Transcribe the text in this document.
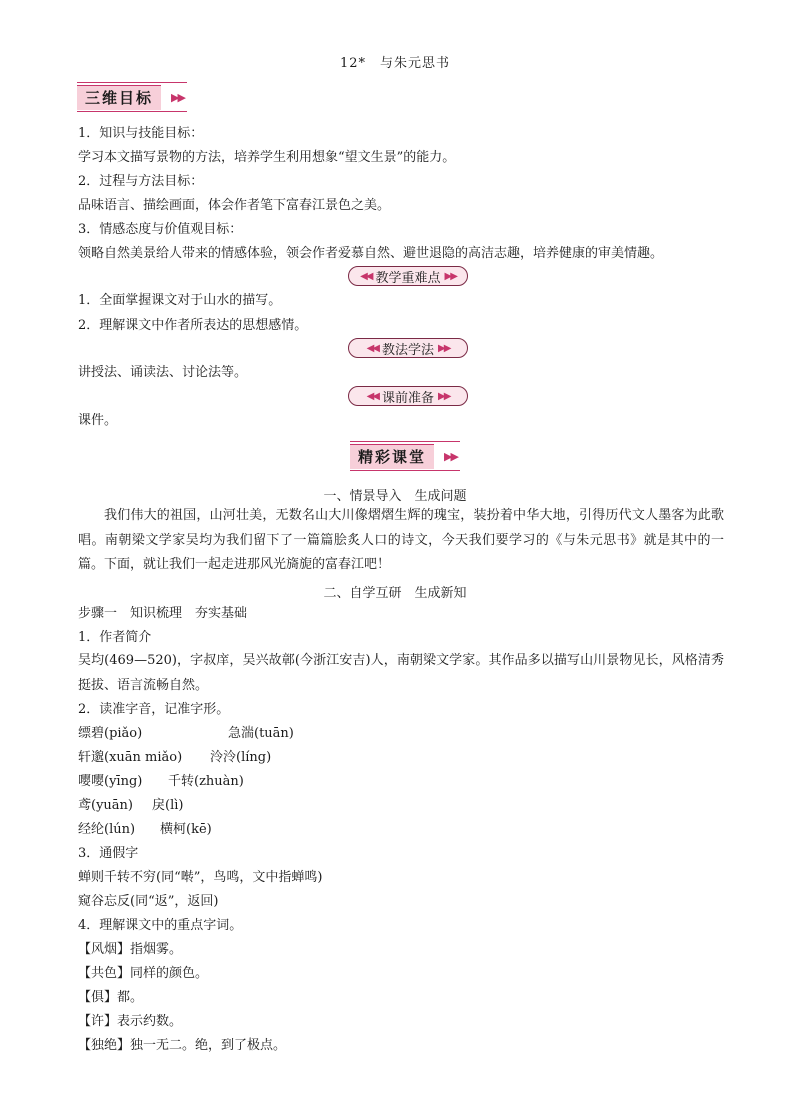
12*　与朱元思书
三维目标	▶▶
1．知识与技能目标：
学习本文描写景物的方法，培养学生利用想象“望文生景”的能力。
2．过程与方法目标：
品味语言、描绘画面，体会作者笔下富春江景色之美。
3．情感态度与价值观目标：
领略自然美景给人带来的情感体验，领会作者爱慕自然、避世退隐的高洁志趣，培养健康的审美情趣。
◀◀ 教学重难点 ▶▶
1．全面掌握课文对于山水的描写。
2．理解课文中作者所表达的思想感情。
◀◀ 教法学法 ▶▶
讲授法、诵读法、讨论法等。
◀◀ 课前准备 ▶▶
课件。
精彩课堂	▶▶
一、情景导入　生成问题
我们伟大的祖国，山河壮美，无数名山大川像熠熠生辉的瑰宝，装扮着中华大地，引得历代文人墨客为此歌唱。南朝梁文学家吴均为我们留下了一篇篇脍炙人口的诗文，今天我们要学习的《与朱元思书》就是其中的一篇。下面，就让我们一起走进那风光旖旎的富春江吧！
二、自学互研　生成新知
步骤一　知识梳理　夯实基础
1．作者简介
吴均(469—520)，字叔庠，吴兴故鄣(今浙江安吉)人，南朝梁文学家。其作品多以描写山川景物见长，风格清秀挺拔、语言流畅自然。
2．读准字音，记准字形。
缥碧(piǎo)	急湍(tuān)
轩邈(xuān miǎo) 泠泠(líng)
嘤嘤(yīng) 千转(zhuàn)
鸢(yuān) 戾(lì)
经纶(lún) 横柯(kē)
3．通假字
蝉则千转不穷(同“啭”，鸟鸣，文中指蝉鸣)
窥谷忘反(同“返”，返回)
4．理解课文中的重点字词。
【风烟】指烟雾。
【共色】同样的颜色。
【俱】都。
【许】表示约数。
【独绝】独一无二。绝，到了极点。
